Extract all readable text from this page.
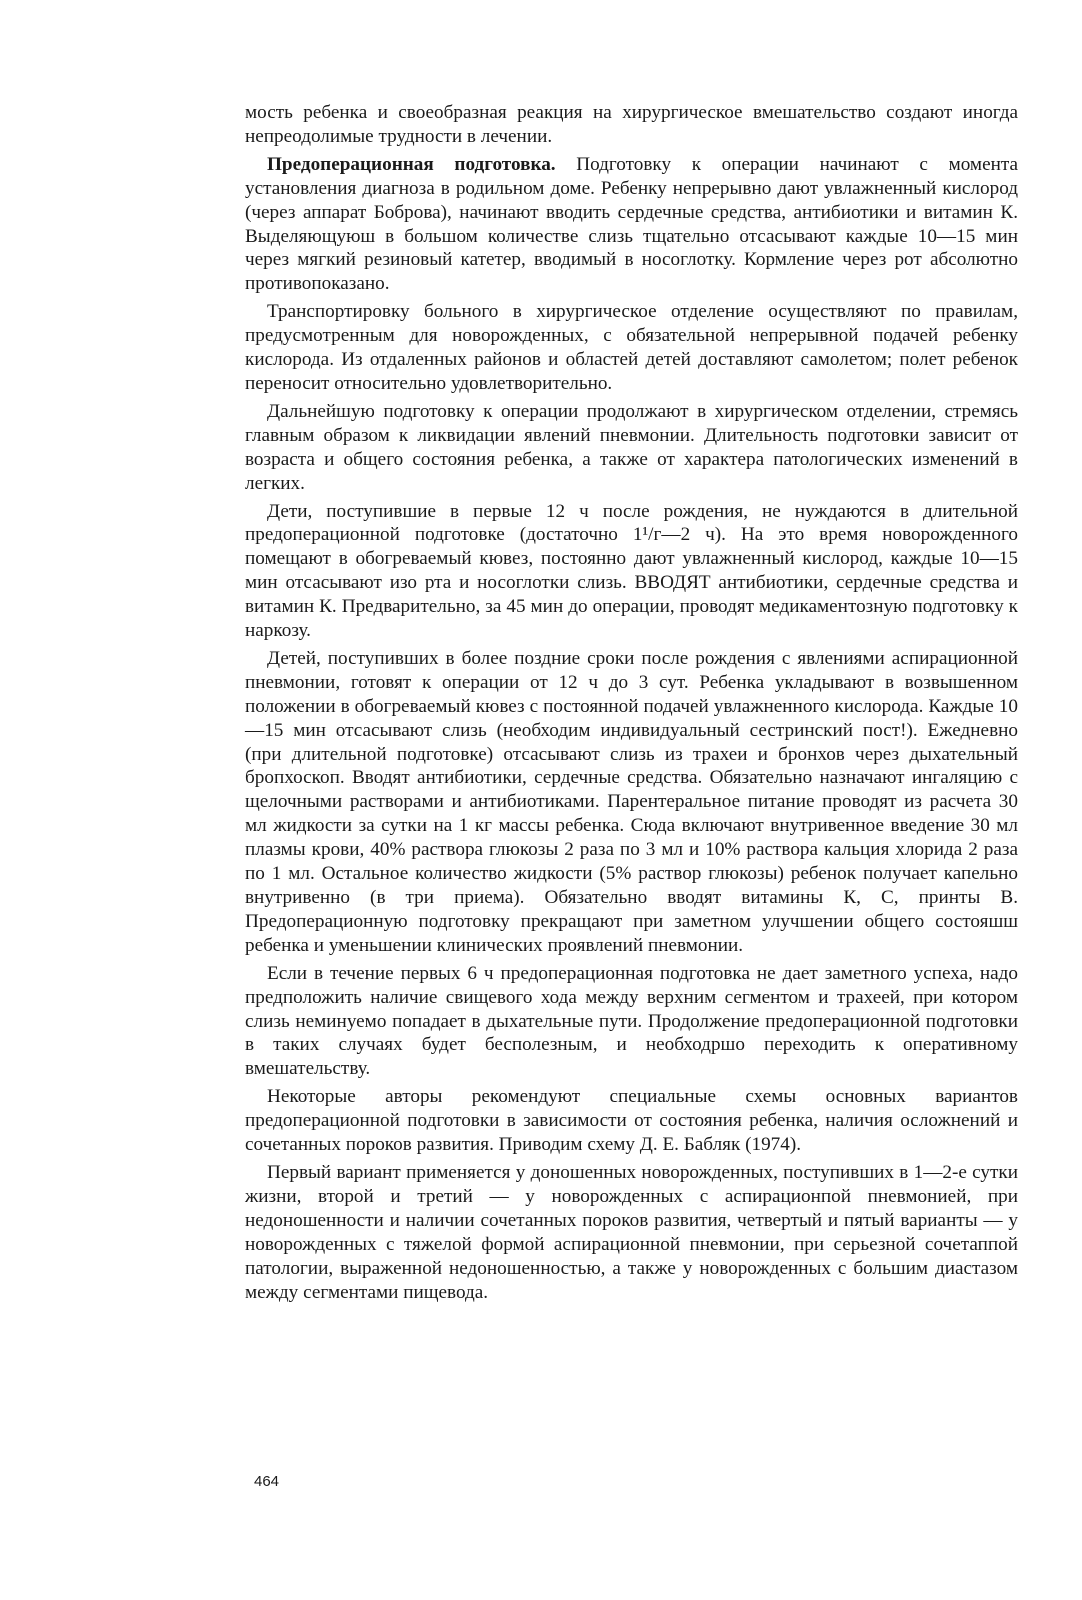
мость ребенка и своеобразная реакция на хирургическое вмешательство создают иногда непреодолимые трудности в лечении.

Предоперационная подготовка. Подготовку к операции начинают с момента установления диагноза в родильном доме. Ребенку непрерывно дают увлажненный кислород (через аппарат Боброва), начинают вводить сердечные средства, антибиотики и витамин К. Выделяющуюш в большом количестве слизь тщательно отсасывают каждые 10—15 мин через мягкий резиновый катетер, вводимый в носоглотку. Кормление через рот абсолютно противопоказано.

Транспортировку больного в хирургическое отделение осуществляют по правилам, предусмотренным для новорожденных, с обязательной непрерывной подачей ребенку кислорода. Из отдаленных районов и областей детей доставляют самолетом; полет ребенок переносит относительно удовлетворительно.

Дальнейшую подготовку к операции продолжают в хирургическом отделении, стремясь главным образом к ликвидации явлений пневмонии. Длительность подготовки зависит от возраста и общего состояния ребенка, а также от характера патологических изменений в легких.

Дети, поступившие в первые 12 ч после рождения, не нуждаются в длительной предоперационной подготовке (достаточно 1¹/г—2 ч). На это время новорожденного помещают в обогреваемый кювез, постоянно дают увлажненный кислород, каждые 10—15 мин отсасывают изо рта и носоглотки слизь. ВВОДЯТ антибиотики, сердечные средства и витамин К. Предварительно, за 45 мин до операции, проводят медикаментозную подготовку к наркозу.

Детей, поступивших в более поздние сроки после рождения с явлениями аспирационной пневмонии, готовят к операции от 12 ч до 3 сут. Ребенка укладывают в возвышенном положении в обогреваемый кювез с постоянной подачей увлажненного кислорода. Каждые 10—15 мин отсасывают слизь (необходим индивидуальный сестринский пост!). Ежедневно (при длительной подготовке) отсасывают слизь из трахеи и бронхов через дыхательный бропхоскоп. Вводят антибиотики, сердечные средства. Обязательно назначают ингаляцию с щелочными растворами и антибиотиками. Парентеральное питание проводят из расчета 30 мл жидкости за сутки на 1 кг массы ребенка. Сюда включают внутривенное введение 30 мл плазмы крови, 40% раствора глюкозы 2 раза по 3 мл и 10% раствора кальция хлорида 2 раза по 1 мл. Остальное количество жидкости (5% раствор глюкозы) ребенок получает капельно внутривенно (в три приема). Обязательно вводят витамины К, С, принты В. Предоперационную подготовку прекращают при заметном улучшении общего состояшш ребенка и уменьшении клинических проявлений пневмонии.

Если в течение первых 6 ч предоперационная подготовка не дает заметного успеха, надо предположить наличие свищевого хода между верхним сегментом и трахеей, при котором слизь неминуемо попадает в дыхательные пути. Продолжение предоперационной подготовки в таких случаях будет бесполезным, и необходршо переходить к оперативному вмешательству.

Некоторые авторы рекомендуют специальные схемы основных вариантов предоперационной подготовки в зависимости от состояния ребенка, наличия осложнений и сочетанных пороков развития. Приводим схему Д. Е. Бабляк (1974).

Первый вариант применяется у доношенных новорожденных, поступивших в 1—2-е сутки жизни, второй и третий — у новорожденных с аспирационпой пневмонией, при недоношенности и наличии сочетанных пороков развития, четвертый и пятый варианты — у новорожденных с тяжелой формой аспирационной пневмонии, при серьезной сочетаппой патологии, выраженной недоношенностью, а также у новорожденных с большим диастазом между сегментами пищевода.

464
